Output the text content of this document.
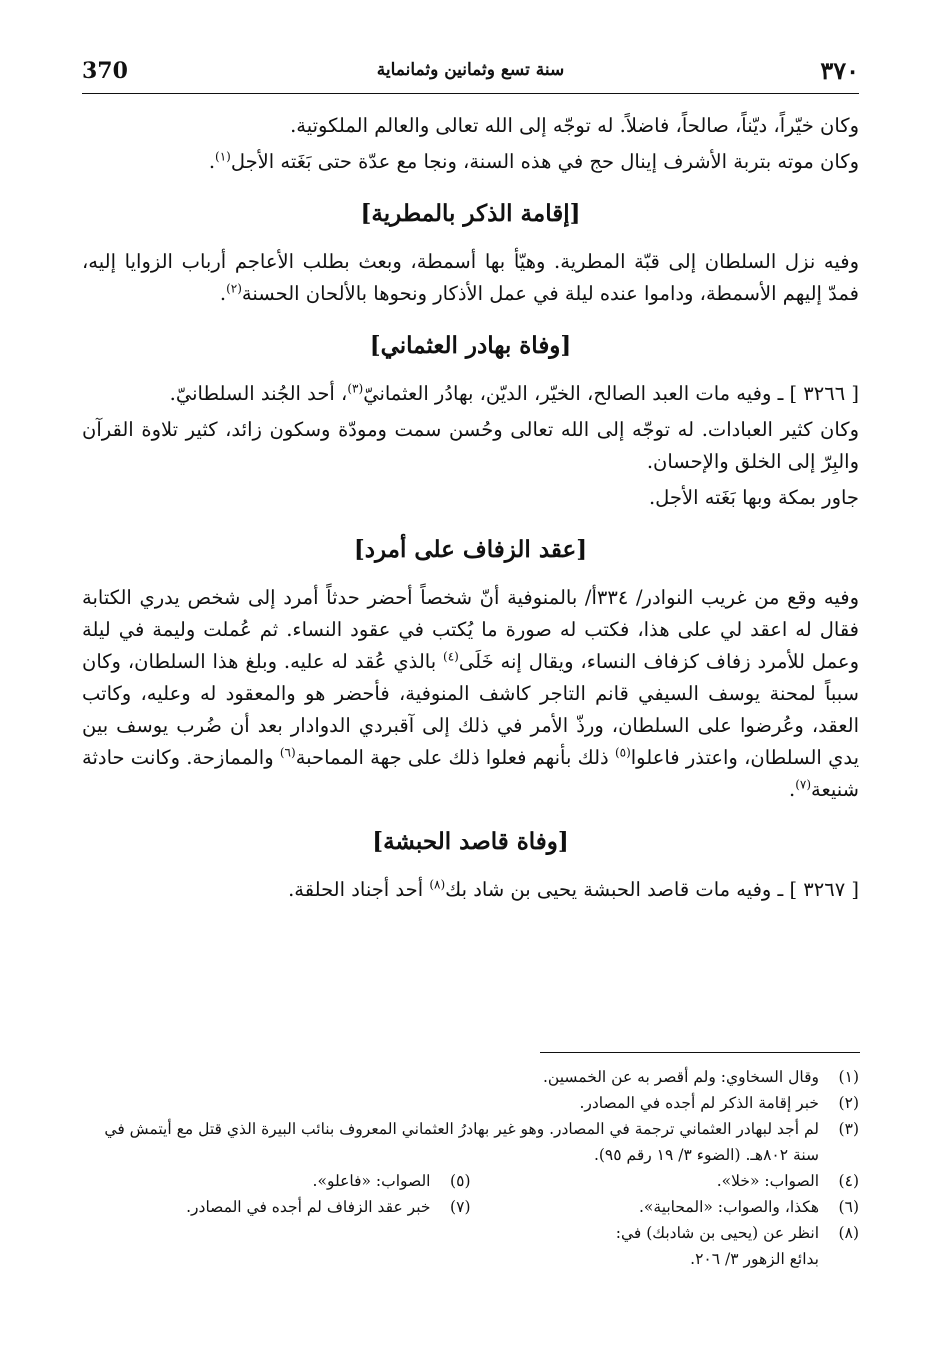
370	سنة تسع وثمانين وثمانماية	٣٧٠

وكان خيّراً، ديّناً، صالحاً، فاضلاً. له توجّه إلى الله تعالى والعالم الملكوتية.

وكان موته بتربة الأشرف إينال حج في هذه السنة، ونجا مع عدّة حتى بَغَته الأجل$^{(١)}$.

[إقامة الذكر بالمطرية]

وفيه نزل السلطان إلى قبّة المطرية. وهيّأ بها أسمطة، وبعث بطلب الأعاجم أرباب الزوايا إليه، فمدّ إليهم الأسمطة، وداموا عنده ليلة في عمل الأذكار ونحوها بالألحان الحسنة$^{(٢)}$.

[وفاة بهادر العثماني]

[ ٣٢٦٦ ] ـ وفيه مات العبد الصالح، الخيّر، الديّن، بهادُر العثمانيّ$^{(٣)}$، أحد الجُند السلطانيّ.

وكان كثير العبادات. له توجّه إلى الله تعالى وحُسن سمت ومودّة وسكون زائد، كثير تلاوة القرآن والبِرّ إلى الخلق والإحسان.

جاور بمكة وبها بَغَته الأجل.

[عقد الزفاف على أمرد]

وفيه وقع من غريب النوادر/ ٣٣٤أ/ بالمنوفية أنّ شخصاً أحضر حدثاً أمرد إلى شخص يدري الكتابة فقال له اعقد لي على هذا، فكتب له صورة ما يُكتب في عقود النساء. ثم عُملت وليمة في ليلة وعمل للأمرد زفاف كزفاف النساء، ويقال إنه خَلَى$^{(٤)}$ بالذي عُقد له عليه. وبلغ هذا السلطان، وكان سبباً لمحنة يوسف السيفي قانم التاجر كاشف المنوفية، فأحضر هو والمعقود له وعليه، وكاتب العقد، وعُرضوا على السلطان، ورذّ الأمر في ذلك إلى آقبردي الدوادار بعد أن ضُرب يوسف بين يدي السلطان، واعتذر فاعلوا$^{(٥)}$ ذلك بأنهم فعلوا ذلك على جهة المماحبة$^{(٦)}$ والممازحة. وكانت حادثة شنيعة$^{(٧)}$.

[وفاة قاصد الحبشة]

[ ٣٢٦٧ ] ـ وفيه مات قاصد الحبشة يحيى بن شاد بك$^{(٨)}$ أحد أجناد الحلقة.

(١)
وقال السخاوي: ولم أقصر به عن الخمسين.
(٢)
خبر إقامة الذكر لم أجده في المصادر.
(٣)
لم أجد لبهادر العثماني ترجمة في المصادر. وهو غير بهادرُ العثماني المعروف بنائب البيرة الذي قتل مع أيتمش في سنة ٨٠٢هـ. (الضوء ٣/ ١٩ رقم ٩٥).
(٤)
الصواب: «خلا».
(٥)
الصواب: «فاعلو».
(٦)
هكذا، والصواب: «المحابية».
(٧)
خبر عقد الزفاف لم أجده في المصادر.
(٨)
انظر عن (يحيى بن شادبك) في:
بدائع الزهور ٣/ ٢٠٦.
